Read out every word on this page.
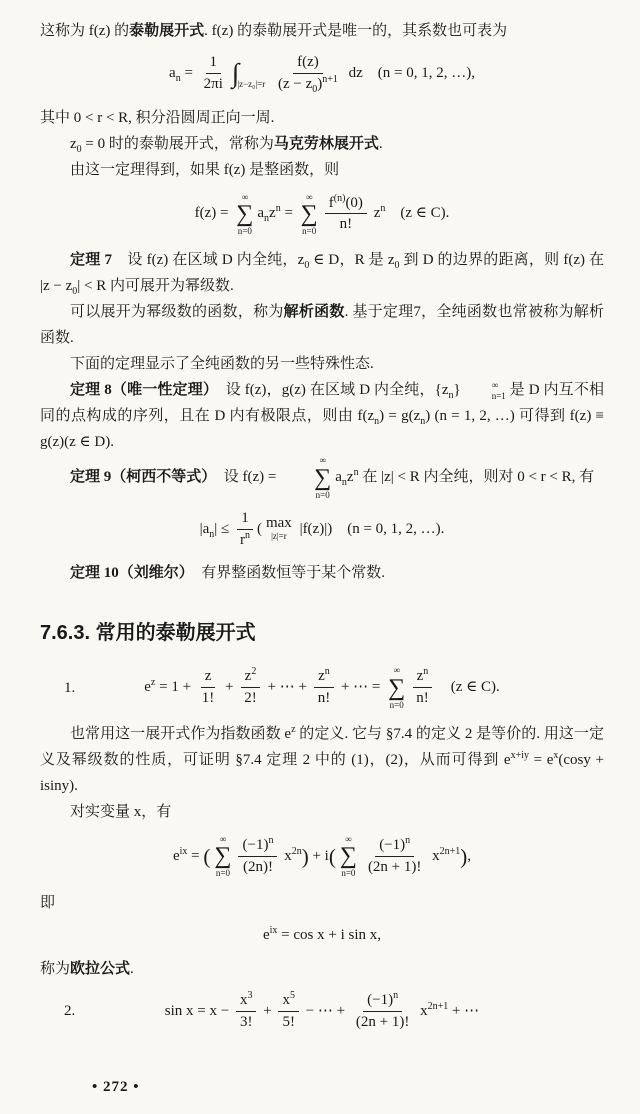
这称为 f(z) 的泰勒展开式. f(z) 的泰勒展开式是唯一的，其系数也可表为

$a_n = \frac{1}{2\pi i}$ ∫
|z−z₀|=r
$\frac{f(z)}{(z - z_0)^{n+1}}$ dz　(n = 0, 1, 2, …),

其中 0 < r < R, 积分沿圆周正向一周.

$z_0 = 0$ 时的泰勒展开式，常称为马克劳林展开式.

由这一定理得到，如果 f(z) 是整函数，则

f(z) =
∞
∑
n=0
$a_nz^n$ =
∞
∑
$n=0 \frac{f^{(n)}(0)}{n!} z^n$　(z ∈ C).

定理 7　设 f(z) 在区域 D 内全纯，$z_0$ ∈ D，R 是 $z_0$ 到 D 的边界的距离，则 f(z) 在 $|z - z_0| < R$ 内可展开为幂级数.

可以展开为幂级数的函数，称为解析函数. 基于定理7，全纯函数也常被称为解析函数.

下面的定理显示了全纯函数的另一些特殊性态.

定理 8（唯一性定理）　设 f(z)，g(z) 在区域 D 内全纯，$\{z_n\}$	∞
n=1 是 D 内互不相同的点构成的序列，且在 D 内有极限点，则由 $f(z_n) = g(z_n) (n = 1$, 2, …) 可得到 f(z) ≡ g(z)(z ∈ D).

定理 9（柯西不等式）　设 f(z) =
∞
∑
n=0
$a_nz^n$ 在 |z| < R 内全纯，则对 0 < r < R, 有

$|a_n| \le \frac{1}{r^n}$ ( max
|z|=r |f(z)|)　(n = 0, 1, 2, …).

定理 10（刘维尔）　有界整函数恒等于某个常数.

7.6.3. 常用的泰勒展开式
1.	$e^z = 1 + \frac{z}{1!} + \frac{z^2}{2!}$ + ⋯ + $\frac{z^n}{n!}$ + ⋯ =
∞
∑
$n=0 \frac{z^n}{n!}$ 　(z ∈ C).

也常用这一展开式作为指数函数 $e^z$ 的定义. 它与 §7.4 的定义 2 是等价的. 用这一定义及幂级数的性质，可证明 §7.4 定理 2 中的 (1)，(2)，从而可得到 $e^{x+iy} = e^x(\cos y + isiny)$.

对实变量 x，有

$e^{ix}$ = (
∞
∑
$n=0 \frac{(-1)^n}{(2n)!} x^{2n}) + i$(
∞
∑
$n=0 \frac{(-1)^n}{(2n + 1)!} x^{2n+1}$),

即

$e^{ix} = \cos x + i$ sin x,

称为欧拉公式.

2.	$\sin x = x - \frac{x^3}{3!} + \frac{x^5}{5!}$ − ⋯ + $\frac{(-1)^n}{(2n + 1)!} x^{2n+1}$ + ⋯
• 272 •
